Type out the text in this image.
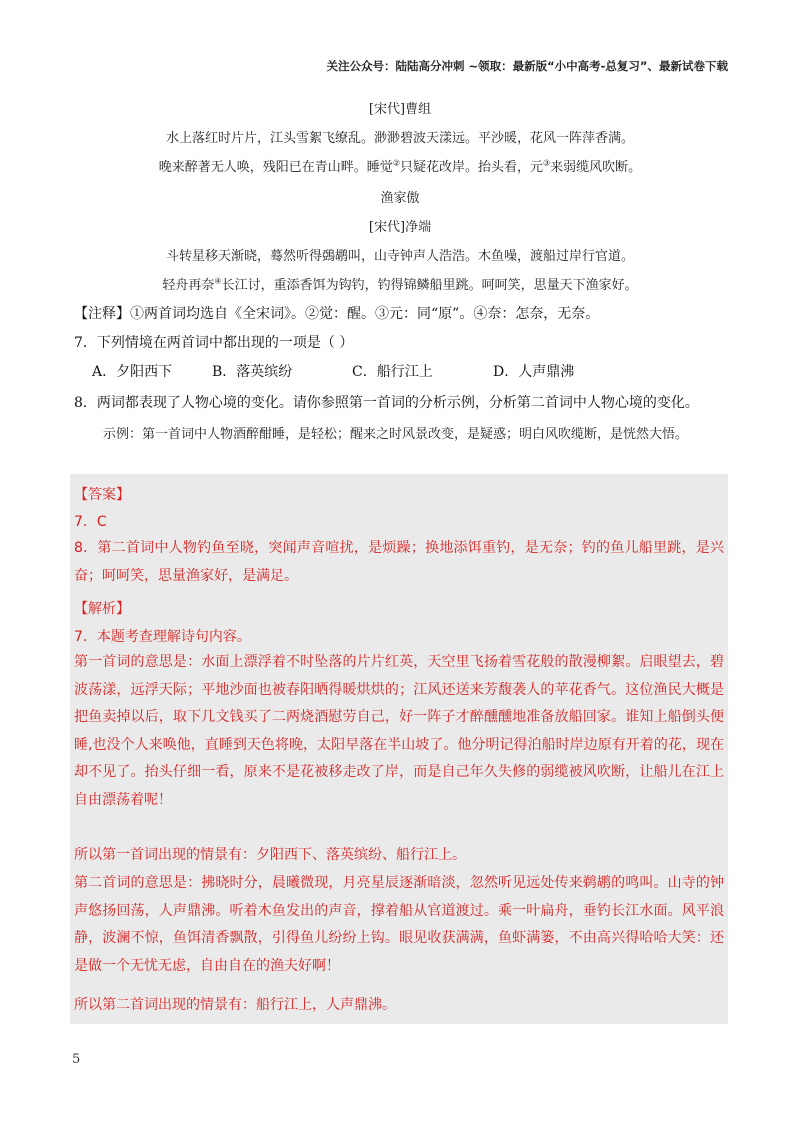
关注公众号：陆陆高分冲刺 ~领取：最新版“小中高考-总复习”、最新试卷下载
[宋代]曹组
水上落红时片片，江头雪絮飞缭乱。渺渺碧波天漾远。平沙暖，花风一阵萍香满。
晚来醉著无人唤，残阳已在青山畔。睡觉②只疑花改岸。抬头看，元③来弱缆风吹断。
渔家傲
[宋代]净端
斗转星移天渐晓，蓦然听得鵶鹕叫，山寺钟声人浩浩。木鱼噪，渡船过岸行官道。
轻舟再奈④长江讨，重添香饵为钩钓，钓得锦鳞船里跳。呵呵笑，思量天下渔家好。
【注释】①两首词均选自《全宋词》。②觉：醒。③元：同“原”。④奈：怎奈，无奈。
7．下列情境在两首词中都出现的一项是（ ）
A．夕阳西下	B．落英缤纷	C．船行江上	D．人声鼎沸
8．两词都表现了人物心境的变化。请你参照第一首词的分析示例，分析第二首词中人物心境的变化。
示例：第一首词中人物酒醉酣睡，是轻松；醒来之时风景改变，是疑惑；明白风吹缆断，是恍然大悟。
【答案】
7．C
8．第二首词中人物钓鱼至晓，突闻声音喧扰，是烦躁；换地添饵重钓，是无奈；钓的鱼儿船里跳，是兴奋；呵呵笑，思量渔家好，是满足。
【解析】
7．本题考查理解诗句内容。
第一首词的意思是：水面上漂浮着不时坠落的片片红英，天空里飞扬着雪花般的散漫柳絮。启眼望去，碧波荡漾，远浮天际；平地沙面也被春阳晒得暖烘烘的；江风还送来芳馥袭人的苹花香气。这位渔民大概是把鱼卖掉以后，取下几文钱买了二两烧酒慰劳自己，好一阵子才醉醺醺地准备放船回家。谁知上船倒头便睡,也没个人来唤他，直睡到天色将晚，太阳早落在半山坡了。他分明记得泊船时岸边原有开着的花，现在却不见了。抬头仔细一看，原来不是花被移走改了岸，而是自己年久失修的弱缆被风吹断，让船儿在江上自由漂荡着呢！
所以第一首词出现的情景有：夕阳西下、落英缤纷、船行江上。
第二首词的意思是：拂晓时分，晨曦微现，月亮星辰逐渐暗淡，忽然听见远处传来鹈鹕的鸣叫。山寺的钟声悠扬回荡，人声鼎沸。听着木鱼发出的声音，撑着船从官道渡过。乘一叶扁舟，垂钓长江水面。风平浪静，波澜不惊，鱼饵清香飘散，引得鱼儿纷纷上钩。眼见收获满满，鱼虾满篓，不由高兴得哈哈大笑：还是做一个无忧无虑，自由自在的渔夫好啊！
所以第二首词出现的情景有：船行江上，人声鼎沸。
5
